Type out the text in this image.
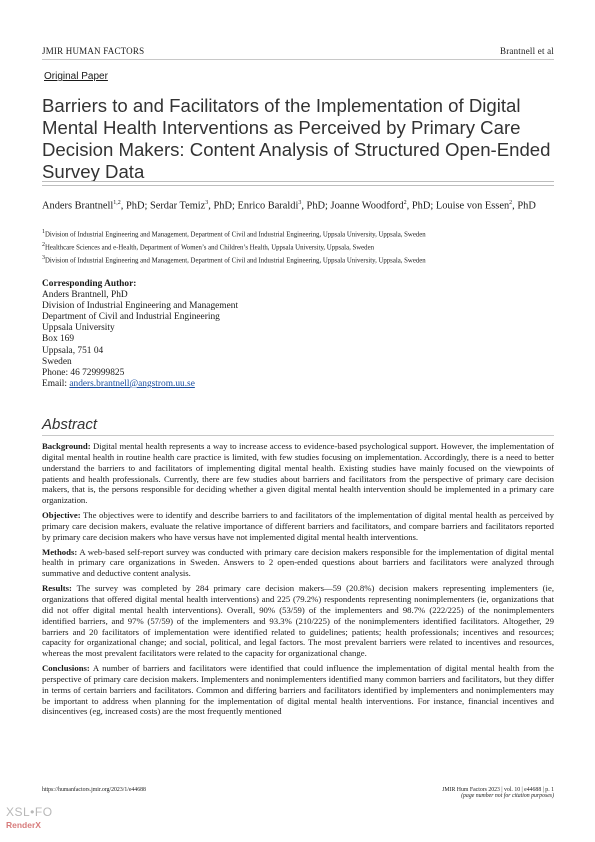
JMIR HUMAN FACTORS	Brantnell et al
Original Paper
Barriers to and Facilitators of the Implementation of Digital Mental Health Interventions as Perceived by Primary Care Decision Makers: Content Analysis of Structured Open-Ended Survey Data
Anders Brantnell$^{1,2}$, PhD; Serdar Temiz$^3$, PhD; Enrico Baraldi$^3$, PhD; Joanne Woodford$^2$, PhD; Louise von Essen$^2$, PhD
$^1$Division of Industrial Engineering and Management, Department of Civil and Industrial Engineering, Uppsala University, Uppsala, Sweden
$^2$Healthcare Sciences and e-Health, Department of Women’s and Children’s Health, Uppsala University, Uppsala, Sweden
$^3$Division of Industrial Engineering and Management, Department of Civil and Industrial Engineering, Uppsala University, Uppsala, Sweden
Corresponding Author:
Anders Brantnell, PhD
Division of Industrial Engineering and Management
Department of Civil and Industrial Engineering
Uppsala University
Box 169
Uppsala, 751 04
Sweden
Phone: 46 729999825
Email: anders.brantnell@angstrom.uu.se
Abstract

Background: Digital mental health represents a way to increase access to evidence-based psychological support. However, the implementation of digital mental health in routine health care practice is limited, with few studies focusing on implementation. Accordingly, there is a need to better understand the barriers to and facilitators of implementing digital mental health. Existing studies have mainly focused on the viewpoints of patients and health professionals. Currently, there are few studies about barriers and facilitators from the perspective of primary care decision makers, that is, the persons responsible for deciding whether a given digital mental health intervention should be implemented in a primary care organization.

Objective: The objectives were to identify and describe barriers to and facilitators of the implementation of digital mental health as perceived by primary care decision makers, evaluate the relative importance of different barriers and facilitators, and compare barriers and facilitators reported by primary care decision makers who have versus have not implemented digital mental health interventions.

Methods: A web-based self-report survey was conducted with primary care decision makers responsible for the implementation of digital mental health in primary care organizations in Sweden. Answers to 2 open-ended questions about barriers and facilitators were analyzed through summative and deductive content analysis.

Results: The survey was completed by 284 primary care decision makers—59 (20.8%) decision makers representing implementers (ie, organizations that offered digital mental health interventions) and 225 (79.2%) respondents representing nonimplementers (ie, organizations that did not offer digital mental health interventions). Overall, 90% (53/59) of the implementers and 98.7% (222/225) of the nonimplementers identified barriers, and 97% (57/59) of the implementers and 93.3% (210/225) of the nonimplementers identified facilitators. Altogether, 29 barriers and 20 facilitators of implementation were identified related to guidelines; patients; health professionals; incentives and resources; capacity for organizational change; and social, political, and legal factors. The most prevalent barriers were related to incentives and resources, whereas the most prevalent facilitators were related to the capacity for organizational change.

Conclusions: A number of barriers and facilitators were identified that could influence the implementation of digital mental health from the perspective of primary care decision makers. Implementers and nonimplementers identified many common barriers and facilitators, but they differ in terms of certain barriers and facilitators. Common and differing barriers and facilitators identified by implementers and nonimplementers may be important to address when planning for the implementation of digital mental health interventions. For instance, financial incentives and disincentives (eg, increased costs) are the most frequently mentioned

https://humanfactors.jmir.org/2023/1/e44688	JMIR Hum Factors 2023 | vol. 10 | e44688 | p. 1
(page number not for citation purposes)
XSL•FO
RenderX
